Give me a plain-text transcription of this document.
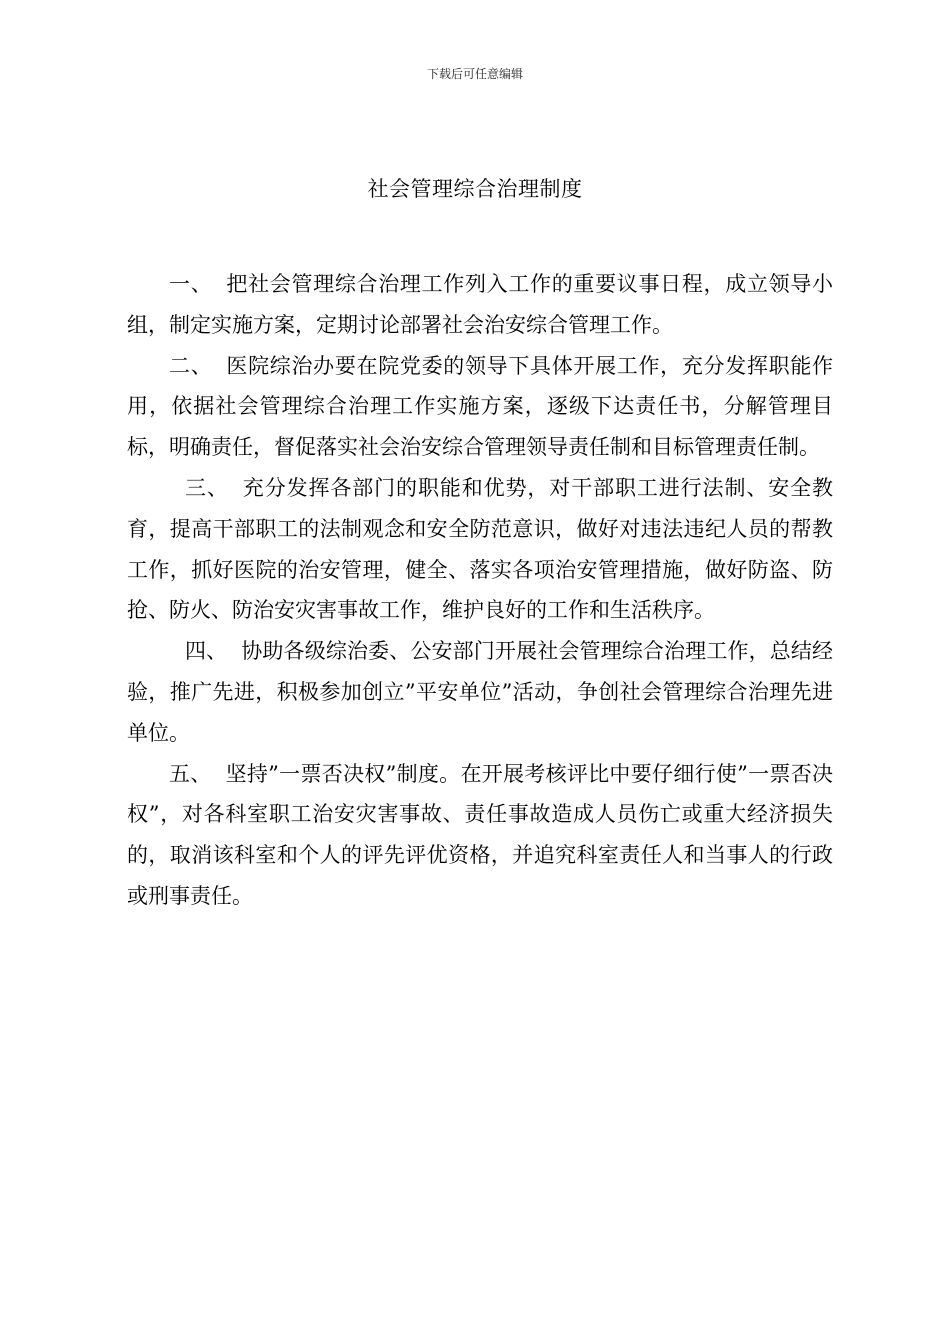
下载后可任意编辑
社会管理综合治理制度

一、 把社会管理综合治理工作列入工作的重要议事日程，成立领导小组，制定实施方案，定期讨论部署社会治安综合管理工作。

二、 医院综治办要在院党委的领导下具体开展工作，充分发挥职能作用，依据社会管理综合治理工作实施方案，逐级下达责任书，分解管理目标，明确责任，督促落实社会治安综合管理领导责任制和目标管理责任制。

三、 充分发挥各部门的职能和优势，对干部职工进行法制、安全教育，提高干部职工的法制观念和安全防范意识，做好对违法违纪人员的帮教工作，抓好医院的治安管理，健全、落实各项治安管理措施，做好防盗、防抢、防火、防治安灾害事故工作，维护良好的工作和生活秩序。

四、 协助各级综治委、公安部门开展社会管理综合治理工作，总结经验，推广先进，积极参加创立”平安单位”活动，争创社会管理综合治理先进单位。

五、 坚持”一票否决权”制度。在开展考核评比中要仔细行使”一票否决权”，对各科室职工治安灾害事故、责任事故造成人员伤亡或重大经济损失的，取消该科室和个人的评先评优资格，并追究科室责任人和当事人的行政或刑事责任。
